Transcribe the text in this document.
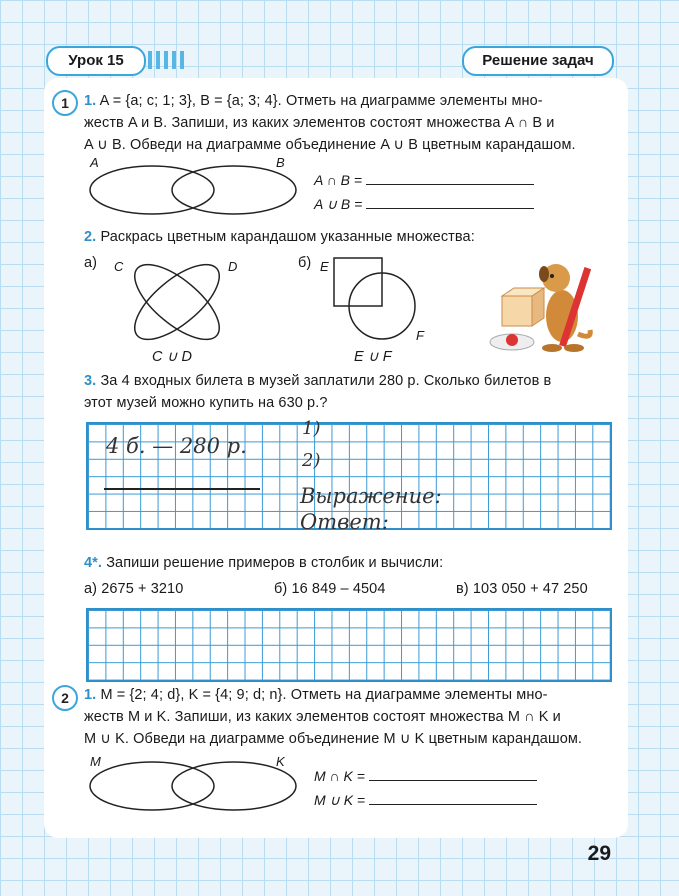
Урок 15	Решение задач
1	1. A = {a; c; 1; 3}, B = {a; 3; 4}. Отметь на диаграмме элементы мно-
жеств A и B. Запиши, из каких элементов состоят множества A ∩ B и
A ∪ B. Обведи на диаграмме объединение A ∪ B цветным карандашом.
A	B
A ∩ B =
A ∪ B =
2. Раскрась цветным карандашом указанные множества:
а) C	D
C ∪ D
б) E
F
E ∪ F
3. За 4 входных билета в музей заплатили 280 р. Сколько билетов в
этот музей можно купить на 630 р.?
4 б. — 280 р.
1)
2)
Выражение:
Ответ:
4*. Запиши решение примеров в столбик и вычисли:
а) 2675 + 3210	б) 16 849 – 4504	в) 103 050 + 47 250
2	1. M = {2; 4; d}, K = {4; 9; d; n}. Отметь на диаграмме элементы мно-
жеств M и K. Запиши, из каких элементов состоят множества M ∩ K и
M ∪ K. Обведи на диаграмме объединение M ∪ K цветным карандашом.
M	K
M ∩ K =
M ∪ K =
29
